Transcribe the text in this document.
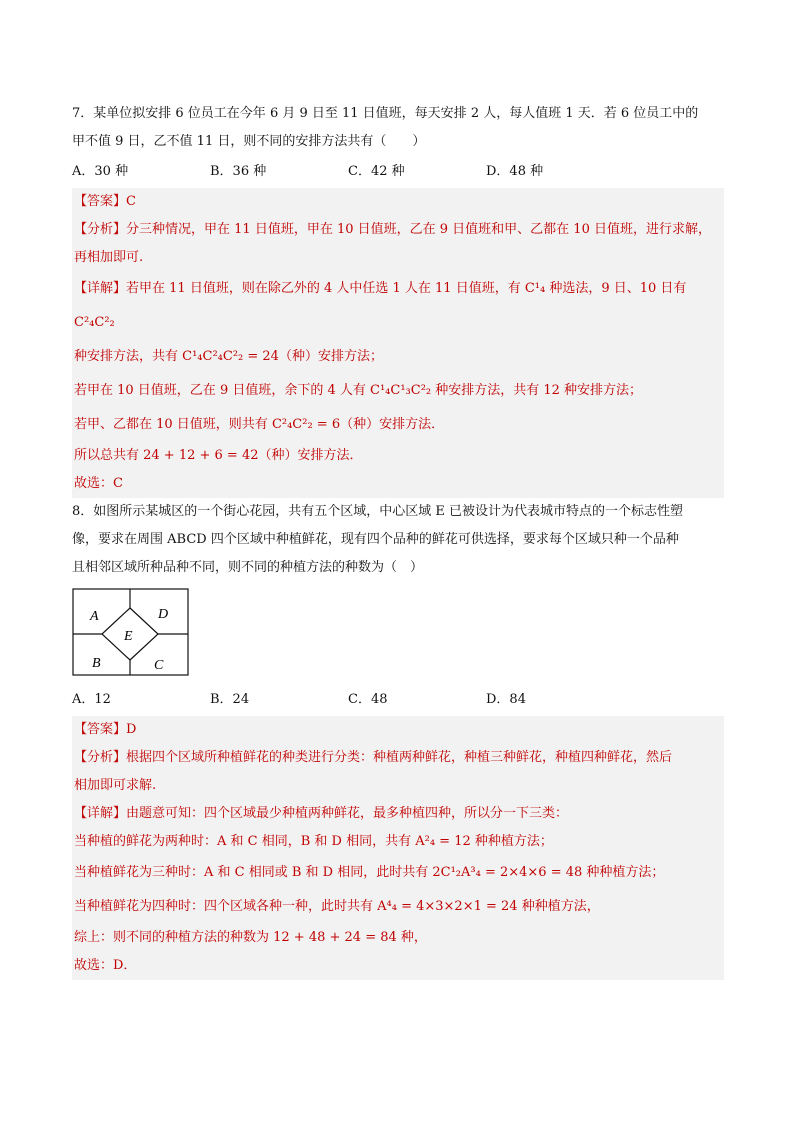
7．某单位拟安排 6 位员工在今年 6 月 9 日至 11 日值班，每天安排 2 人，每人值班 1 天．若 6 位员工中的

甲不值 9 日，乙不值 11 日，则不同的安排方法共有（　　）

A．30 种	B．36 种	C．42 种	D．48 种

【答案】C

【分析】分三种情况，甲在 11 日值班，甲在 10 日值班，乙在 9 日值班和甲、乙都在 10 日值班，进行求解，

再相加即可.

【详解】若甲在 11 日值班，则在除乙外的 4 人中任选 1 人在 11 日值班，有 C¹₄ 种选法，9 日、10 日有 C²₄C²₂

种安排方法，共有 C¹₄C²₄C²₂ = 24（种）安排方法；

若甲在 10 日值班，乙在 9 日值班，余下的 4 人有 C¹₄C¹₃C²₂ 种安排方法，共有 12 种安排方法；

若甲、乙都在 10 日值班，则共有 C²₄C²₂ = 6（种）安排方法．

所以总共有 24 + 12 + 6 = 42（种）安排方法．

故选：C

8．如图所示某城区的一个街心花园，共有五个区域，中心区域 E 已被设计为代表城市特点的一个标志性塑

像，要求在周围 ABCD 四个区域中种植鲜花，现有四个品种的鲜花可供选择，要求每个区域只种一个品种

且相邻区域所种品种不同，则不同的种植方法的种数为（　）

A	D
E
B	C
A．12	B．24	C．48	D．84

【答案】D

【分析】根据四个区域所种植鲜花的种类进行分类：种植两种鲜花，种植三种鲜花，种植四种鲜花，然后

相加即可求解.

【详解】由题意可知：四个区域最少种植两种鲜花，最多种植四种，所以分一下三类：

当种植的鲜花为两种时：A 和 C 相同，B 和 D 相同，共有 A²₄ = 12 种种植方法；

当种植鲜花为三种时：A 和 C 相同或 B 和 D 相同，此时共有 2C¹₂A³₄ = 2×4×6 = 48 种种植方法；

当种植鲜花为四种时：四个区域各种一种，此时共有 A⁴₄ = 4×3×2×1 = 24 种种植方法，

综上：则不同的种植方法的种数为 12 + 48 + 24 = 84 种，

故选：D．
